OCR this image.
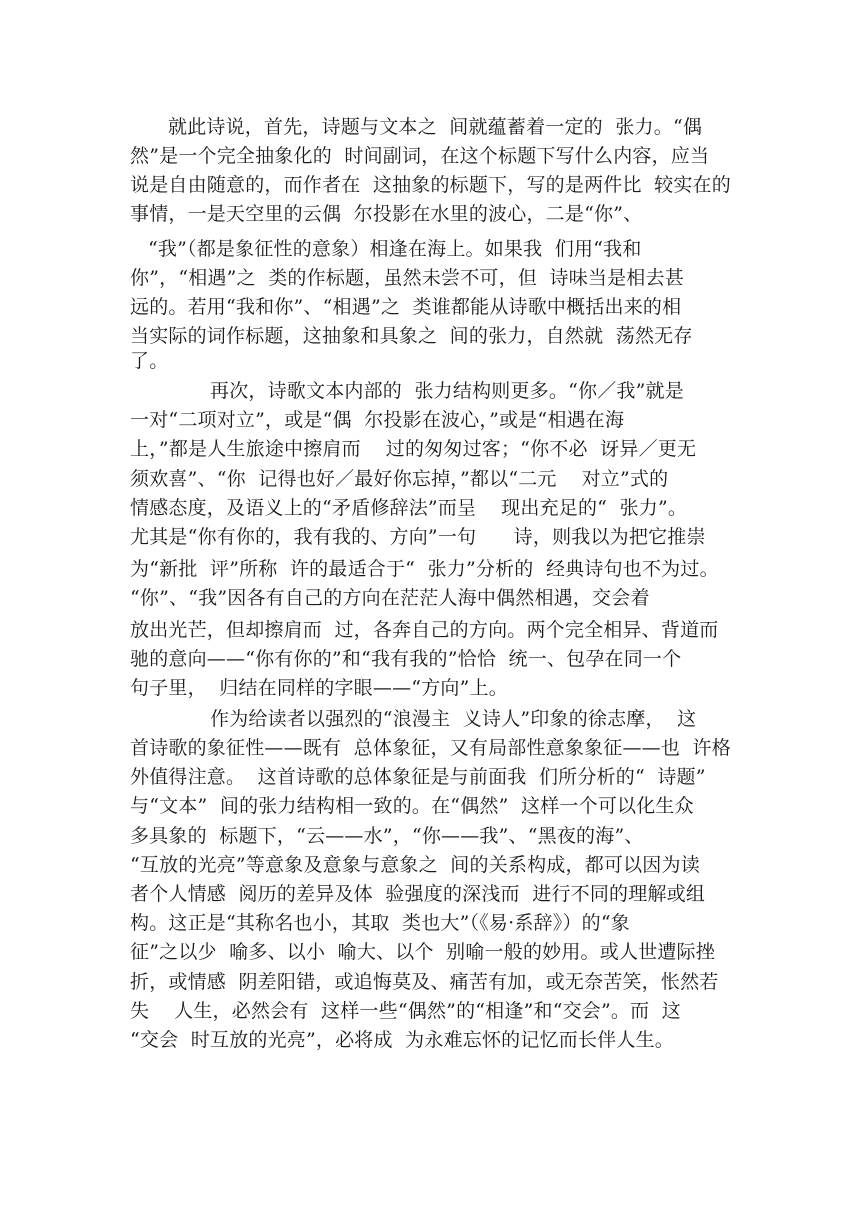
就此诗说，首先，诗题与文本之  间就蕴蓄着一定的  张力。“偶
然”是一个完全抽象化的  时间副词，在这个标题下写什么内容，应当
说是自由随意的，而作者在  这抽象的标题下，写的是两件比  较实在的
事情，一是天空里的云偶  尔投影在水里的波心，二是“你”、
“我”（都是象征性的意象）相逢在海上。如果我  们用“我和
你”，“相遇”之  类的作标题，虽然未尝不可，但  诗味当是相去甚
远的。若用“我和你”、“相遇”之  类谁都能从诗歌中概括出来的相
当实际的词作标题，这抽象和具象之  间的张力，自然就  荡然无存
了。
再次，诗歌文本内部的  张力结构则更多。“你／我”就是
一对“二项对立”，或是“偶  尔投影在波心，”或是“相遇在海
上，”都是人生旅途中擦肩而    过的匆匆过客；“你不必  讶异／更无
须欢喜”、“你  记得也好／最好你忘掉，”都以“二元    对立”式的
情感态度，及语义上的“矛盾修辞法”而呈    现出充足的“  张力”。
尤其是“你有你的，我有我的、方向”一句      诗，则我以为把它推崇
为“新批  评”所称  许的最适合于“  张力”分析的  经典诗句也不为过。
“你”、“我”因各有自己的方向在茫茫人海中偶然相遇，交会着
放出光芒，但却擦肩而  过，各奔自己的方向。两个完全相异、背道而
驰的意向——“你有你的”和“我有我的”恰恰  统一、包孕在同一个
句子里，  归结在同样的字眼——“方向”上。
作为给读者以强烈的“浪漫主  义诗人”印象的徐志摩，  这
首诗歌的象征性——既有  总体象征，又有局部性意象象征——也  许格
外值得注意。  这首诗歌的总体象征是与前面我  们所分析的“  诗题”
与“文本”  间的张力结构相一致的。在“偶然”  这样一个可以化生众
多具象的  标题下，“云——水”，“你——我”、“黑夜的海”、
“互放的光亮”等意象及意象与意象之  间的关系构成，都可以因为读
者个人情感  阅历的差异及体  验强度的深浅而  进行不同的理解或组
构。这正是“其称名也小，其取  类也大”（《易·系辞》）的“象
征”之以少  喻多、以小  喻大、以个  别喻一般的妙用。或人世遭际挫
折，或情感  阴差阳错，或追悔莫及、痛苦有加，或无奈苦笑，怅然若
失    人生，必然会有  这样一些“偶然”的“相逢”和“交会”。而  这
“交会  时互放的光亮”，必将成  为永难忘怀的记忆而长伴人生。
